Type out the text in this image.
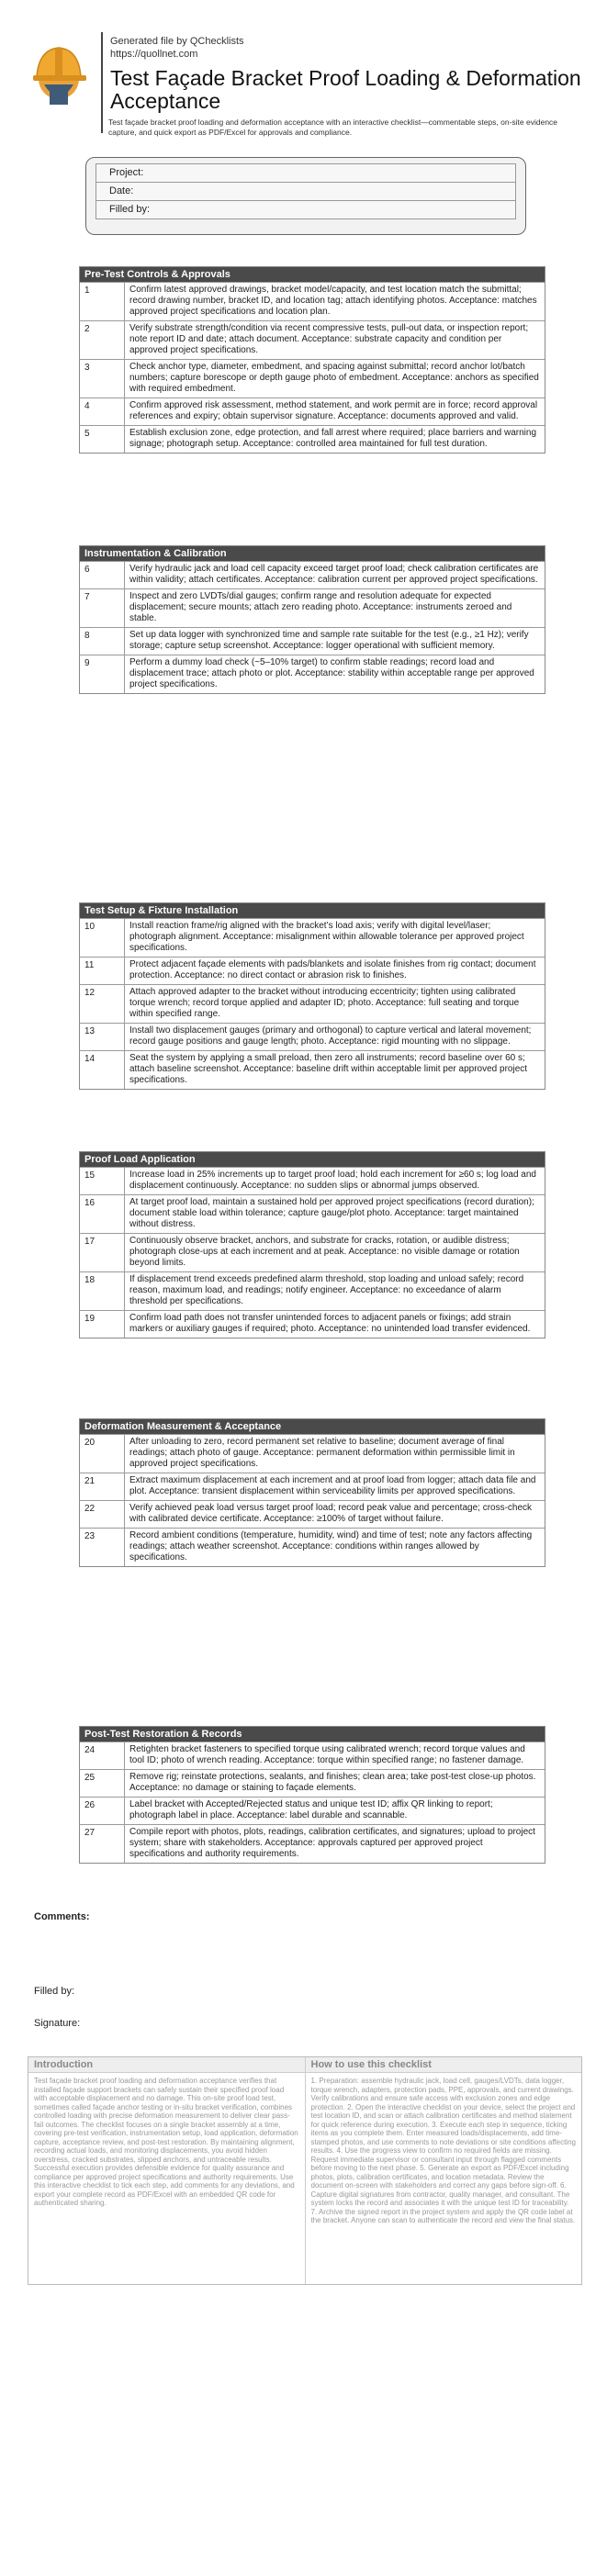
Generated file by QChecklists
https://quollnet.com
Test Façade Bracket Proof Loading & Deformation Acceptance
Test façade bracket proof loading and deformation acceptance with an interactive checklist—commentable steps, on-site evidence capture, and quick export as PDF/Excel for approvals and compliance.
Project:
Date:
Filled by:
Pre-Test Controls & Approvals
1	Confirm latest approved drawings, bracket model/capacity, and test location match the submittal; record drawing number, bracket ID, and location tag; attach identifying photos. Acceptance: matches approved project specifications and location plan.
2	Verify substrate strength/condition via recent compressive tests, pull-out data, or inspection report; note report ID and date; attach document. Acceptance: substrate capacity and condition per approved project specifications.
3	Check anchor type, diameter, embedment, and spacing against submittal; record anchor lot/batch numbers; capture borescope or depth gauge photo of embedment. Acceptance: anchors as specified with required embedment.
4	Confirm approved risk assessment, method statement, and work permit are in force; record approval references and expiry; obtain supervisor signature. Acceptance: documents approved and valid.
5	Establish exclusion zone, edge protection, and fall arrest where required; place barriers and warning signage; photograph setup. Acceptance: controlled area maintained for full test duration.
Instrumentation & Calibration
6	Verify hydraulic jack and load cell capacity exceed target proof load; check calibration certificates are within validity; attach certificates. Acceptance: calibration current per approved project specifications.
7	Inspect and zero LVDTs/dial gauges; confirm range and resolution adequate for expected displacement; secure mounts; attach zero reading photo. Acceptance: instruments zeroed and stable.
8	Set up data logger with synchronized time and sample rate suitable for the test (e.g., ≥1 Hz); verify storage; capture setup screenshot. Acceptance: logger operational with sufficient memory.
9	Perform a dummy load check (~5–10% target) to confirm stable readings; record load and displacement trace; attach photo or plot. Acceptance: stability within acceptable range per approved project specifications.
Test Setup & Fixture Installation
10	Install reaction frame/rig aligned with the bracket’s load axis; verify with digital level/laser; photograph alignment. Acceptance: misalignment within allowable tolerance per approved project specifications.
11	Protect adjacent façade elements with pads/blankets and isolate finishes from rig contact; document protection. Acceptance: no direct contact or abrasion risk to finishes.
12	Attach approved adapter to the bracket without introducing eccentricity; tighten using calibrated torque wrench; record torque applied and adapter ID; photo. Acceptance: full seating and torque within specified range.
13	Install two displacement gauges (primary and orthogonal) to capture vertical and lateral movement; record gauge positions and gauge length; photo. Acceptance: rigid mounting with no slippage.
14	Seat the system by applying a small preload, then zero all instruments; record baseline over 60 s; attach baseline screenshot. Acceptance: baseline drift within acceptable limit per approved project specifications.
Proof Load Application
15	Increase load in 25% increments up to target proof load; hold each increment for ≥60 s; log load and displacement continuously. Acceptance: no sudden slips or abnormal jumps observed.
16	At target proof load, maintain a sustained hold per approved project specifications (record duration); document stable load within tolerance; capture gauge/plot photo. Acceptance: target maintained without distress.
17	Continuously observe bracket, anchors, and substrate for cracks, rotation, or audible distress; photograph close-ups at each increment and at peak. Acceptance: no visible damage or rotation beyond limits.
18	If displacement trend exceeds predefined alarm threshold, stop loading and unload safely; record reason, maximum load, and readings; notify engineer. Acceptance: no exceedance of alarm threshold per specifications.
19	Confirm load path does not transfer unintended forces to adjacent panels or fixings; add strain markers or auxiliary gauges if required; photo. Acceptance: no unintended load transfer evidenced.
Deformation Measurement & Acceptance
20	After unloading to zero, record permanent set relative to baseline; document average of final readings; attach photo of gauge. Acceptance: permanent deformation within permissible limit in approved project specifications.
21	Extract maximum displacement at each increment and at proof load from logger; attach data file and plot. Acceptance: transient displacement within serviceability limits per approved specifications.
22	Verify achieved peak load versus target proof load; record peak value and percentage; cross-check with calibrated device certificate. Acceptance: ≥100% of target without failure.
23	Record ambient conditions (temperature, humidity, wind) and time of test; note any factors affecting readings; attach weather screenshot. Acceptance: conditions within ranges allowed by specifications.
Post-Test Restoration & Records
24	Retighten bracket fasteners to specified torque using calibrated wrench; record torque values and tool ID; photo of wrench reading. Acceptance: torque within specified range; no fastener damage.
25	Remove rig; reinstate protections, sealants, and finishes; clean area; take post-test close-up photos. Acceptance: no damage or staining to façade elements.
26	Label bracket with Accepted/Rejected status and unique test ID; affix QR linking to report; photograph label in place. Acceptance: label durable and scannable.
27	Compile report with photos, plots, readings, calibration certificates, and signatures; upload to project system; share with stakeholders. Acceptance: approvals captured per approved project specifications and authority requirements.
Comments:
Filled by:
Signature:
Introduction

Test façade bracket proof loading and deformation acceptance verifies that installed façade support brackets can safely sustain their specified proof load with acceptable displacement and no damage. This on-site proof load test, sometimes called façade anchor testing or in-situ bracket verification, combines controlled loading with precise deformation measurement to deliver clear pass-fail outcomes. The checklist focuses on a single bracket assembly at a time, covering pre-test verification, instrumentation setup, load application, deformation capture, acceptance review, and post-test restoration. By maintaining alignment, recording actual loads, and monitoring displacements, you avoid hidden overstress, cracked substrates, slipped anchors, and untraceable results. Successful execution provides defensible evidence for quality assurance and compliance per approved project specifications and authority requirements. Use this interactive checklist to tick each step, add comments for any deviations, and export your complete record as PDF/Excel with an embedded QR code for authenticated sharing.

How to use this checklist

1. Preparation: assemble hydraulic jack, load cell, gauges/LVDTs, data logger, torque wrench, adapters, protection pads, PPE, approvals, and current drawings. Verify calibrations and ensure safe access with exclusion zones and edge protection. 2. Open the interactive checklist on your device, select the project and test location ID, and scan or attach calibration certificates and method statement for quick reference during execution. 3. Execute each step in sequence, ticking items as you complete them. Enter measured loads/displacements, add time-stamped photos, and use comments to note deviations or site conditions affecting results. 4. Use the progress view to confirm no required fields are missing. Request immediate supervisor or consultant input through flagged comments before moving to the next phase. 5. Generate an export as PDF/Excel including photos, plots, calibration certificates, and location metadata. Review the document on-screen with stakeholders and correct any gaps before sign-off. 6. Capture digital signatures from contractor, quality manager, and consultant. The system locks the record and associates it with the unique test ID for traceability. 7. Archive the signed report in the project system and apply the QR code label at the bracket. Anyone can scan to authenticate the record and view the final status.
